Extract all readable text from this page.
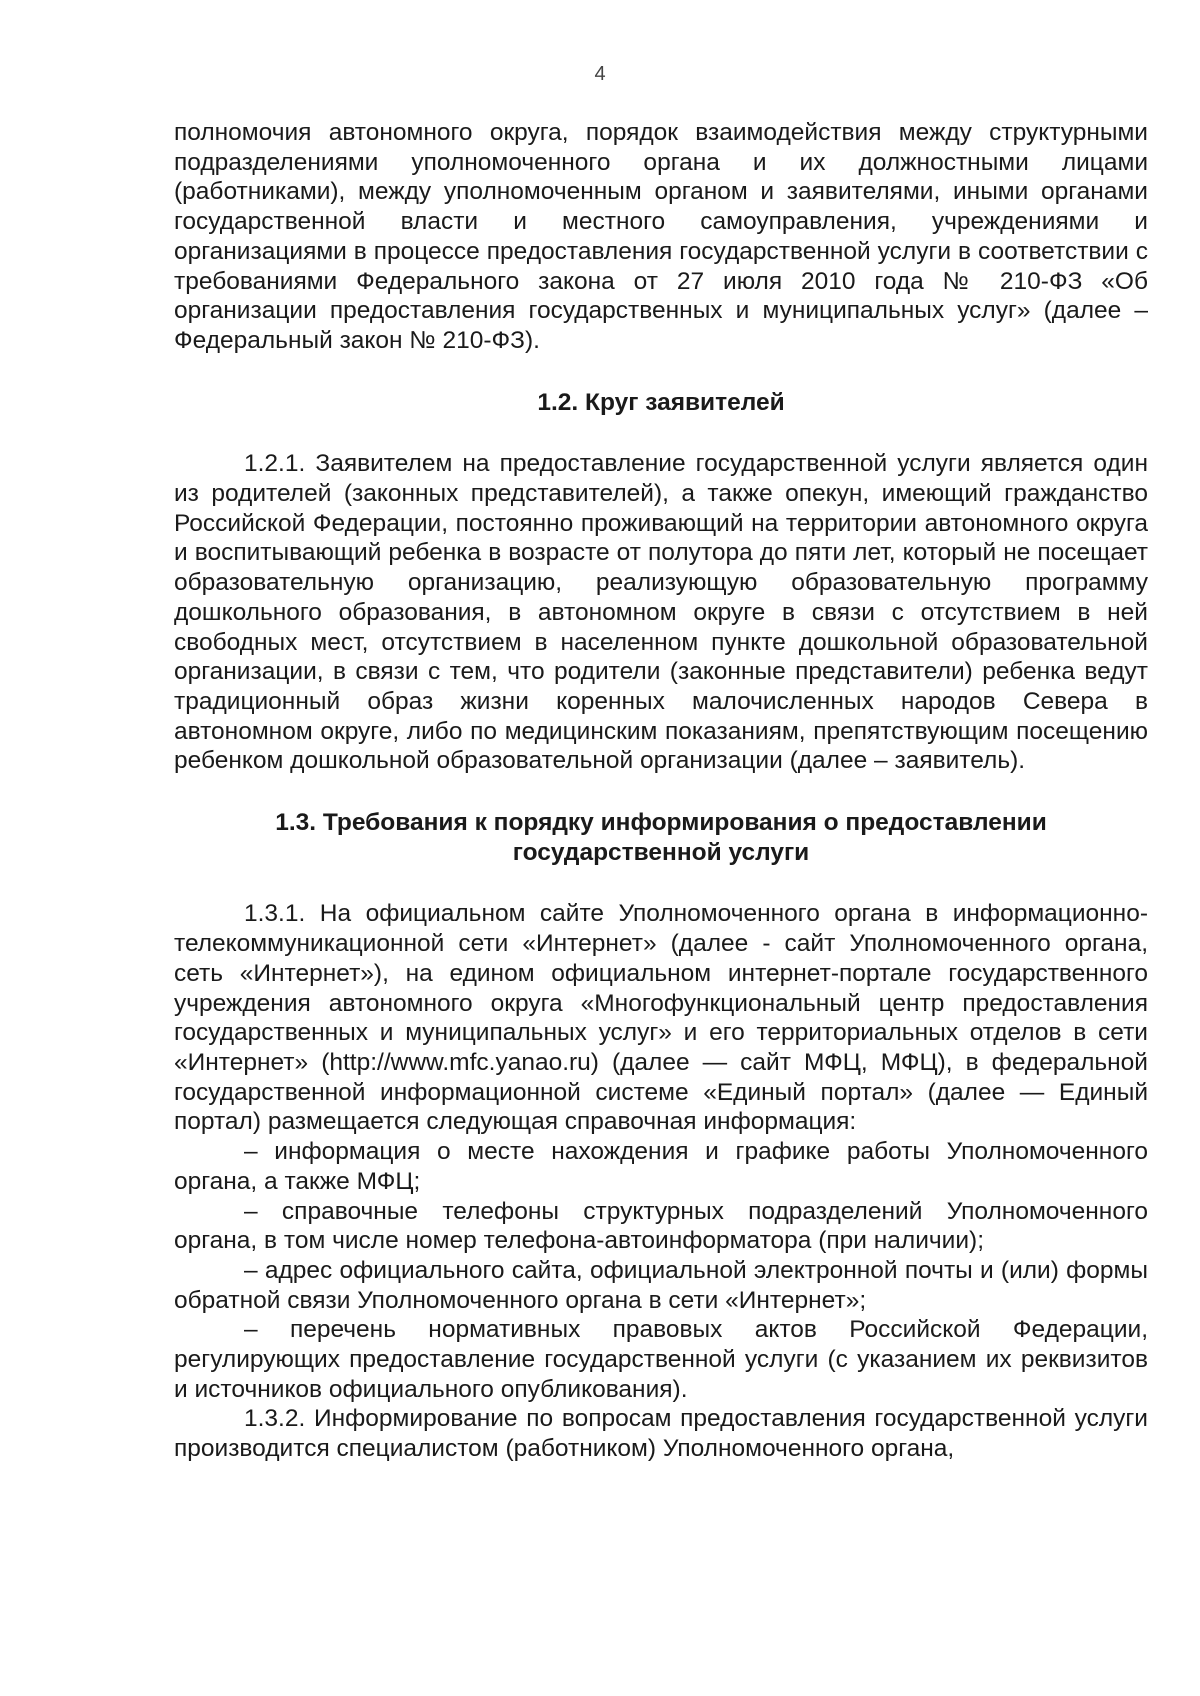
4

полномочия автономного округа, порядок взаимодействия между структурными подразделениями уполномоченного органа и их должностными лицами (работниками), между уполномоченным органом и заявителями, иными органами государственной власти и местного самоуправления, учреждениями и организациями в процессе предоставления государственной услуги в соответствии с требованиями Федерального закона от 27 июля 2010 года № 210-ФЗ «Об организации предоставления государственных и муниципальных услуг» (далее – Федеральный закон № 210-ФЗ).

1.2. Круг заявителей

1.2.1. Заявителем на предоставление государственной услуги является один из родителей (законных представителей), а также опекун, имеющий гражданство Российской Федерации, постоянно проживающий на территории автономного округа и воспитывающий ребенка в возрасте от полутора до пяти лет, который не посещает образовательную организацию, реализующую образовательную программу дошкольного образования, в автономном округе в связи с отсутствием в ней свободных мест, отсутствием в населенном пункте дошкольной образовательной организации, в связи с тем, что родители (законные представители) ребенка ведут традиционный образ жизни коренных малочисленных народов Севера в автономном округе, либо по медицинским показаниям, препятствующим посещению ребенком дошкольной образовательной организации (далее – заявитель).

1.3. Требования к порядку информирования о предоставлении
государственной услуги

1.3.1. На официальном сайте Уполномоченного органа в информационно-телекоммуникационной сети «Интернет» (далее - сайт Уполномоченного органа, сеть «Интернет»), на едином официальном интернет-портале государственного учреждения автономного округа «Многофункциональный центр предоставления государственных и муниципальных услуг» и его территориальных отделов в сети «Интернет» (http://www.mfc.yanao.ru) (далее — сайт МФЦ, МФЦ), в федеральной государственной информационной системе «Единый портал» (далее — Единый портал) размещается следующая справочная информация:

– информация о месте нахождения и графике работы Уполномоченного органа, а также МФЦ;

– справочные телефоны структурных подразделений Уполномоченного органа, в том числе номер телефона-автоинформатора (при наличии);

– адрес официального сайта, официальной электронной почты и (или) формы обратной связи Уполномоченного органа в сети «Интернет»;

– перечень нормативных правовых актов Российской Федерации, регулирующих предоставление государственной услуги (с указанием их реквизитов и источников официального опубликования).

1.3.2. Информирование по вопросам предоставления государственной услуги производится специалистом (работником) Уполномоченного органа,
